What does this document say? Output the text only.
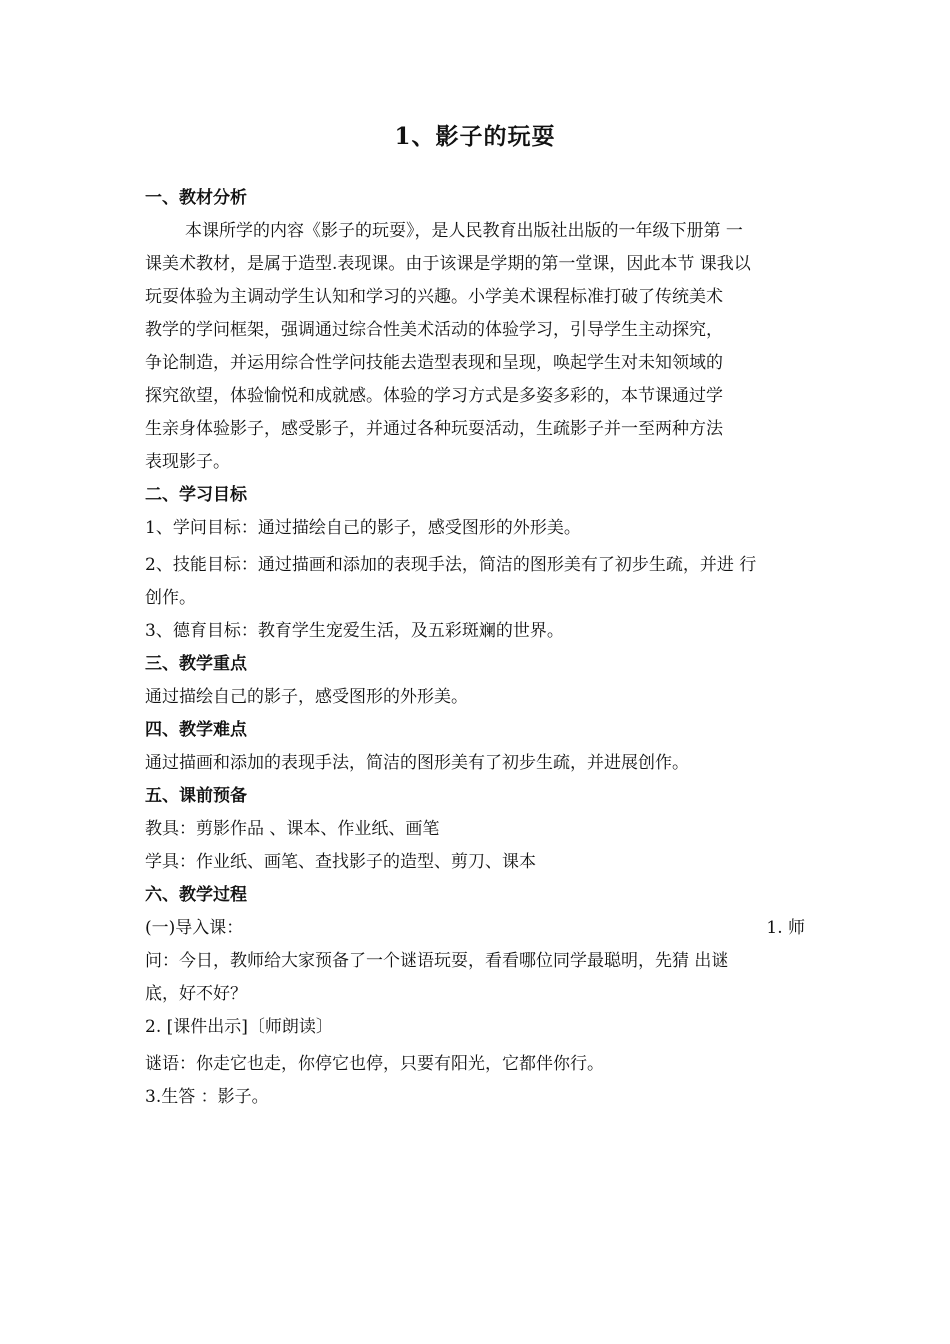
1、影子的玩耍
一、教材分析
本课所学的内容《影子的玩耍》，是人民教育出版社出版的一年级下册第 一
课美术教材，是属于造型.表现课。由于该课是学期的第一堂课，因此本节 课我以
玩耍体验为主调动学生认知和学习的兴趣。小学美术课程标准打破了传统美术
教学的学问框架，强调通过综合性美术活动的体验学习，引导学生主动探究，
争论制造，并运用综合性学问技能去造型表现和呈现，唤起学生对未知领域的
探究欲望，体验愉悦和成就感。体验的学习方式是多姿多彩的，本节课通过学
生亲身体验影子，感受影子，并通过各种玩耍活动，生疏影子并一至两种方法
表现影子。
二、学习目标
1、学问目标：通过描绘自己的影子，感受图形的外形美。
2、技能目标：通过描画和添加的表现手法，简洁的图形美有了初步生疏，并进 行
创作。
3、德育目标：教育学生宠爱生活，及五彩斑斓的世界。
三、教学重点
通过描绘自己的影子，感受图形的外形美。
四、教学难点
通过描画和添加的表现手法，简洁的图形美有了初步生疏，并进展创作。
五、课前预备
教具：剪影作品 、课本、作业纸、画笔
学具：作业纸、画笔、查找影子的造型、剪刀、课本
六、教学过程
(一)导入课：	1. 师
问：今日，教师给大家预备了一个谜语玩耍，看看哪位同学最聪明，先猜 出谜
底，好不好？
2. [课件出示]〔师朗读〕
谜语：你走它也走，你停它也停，只要有阳光，它都伴你行。
3.生答 ：影子。
